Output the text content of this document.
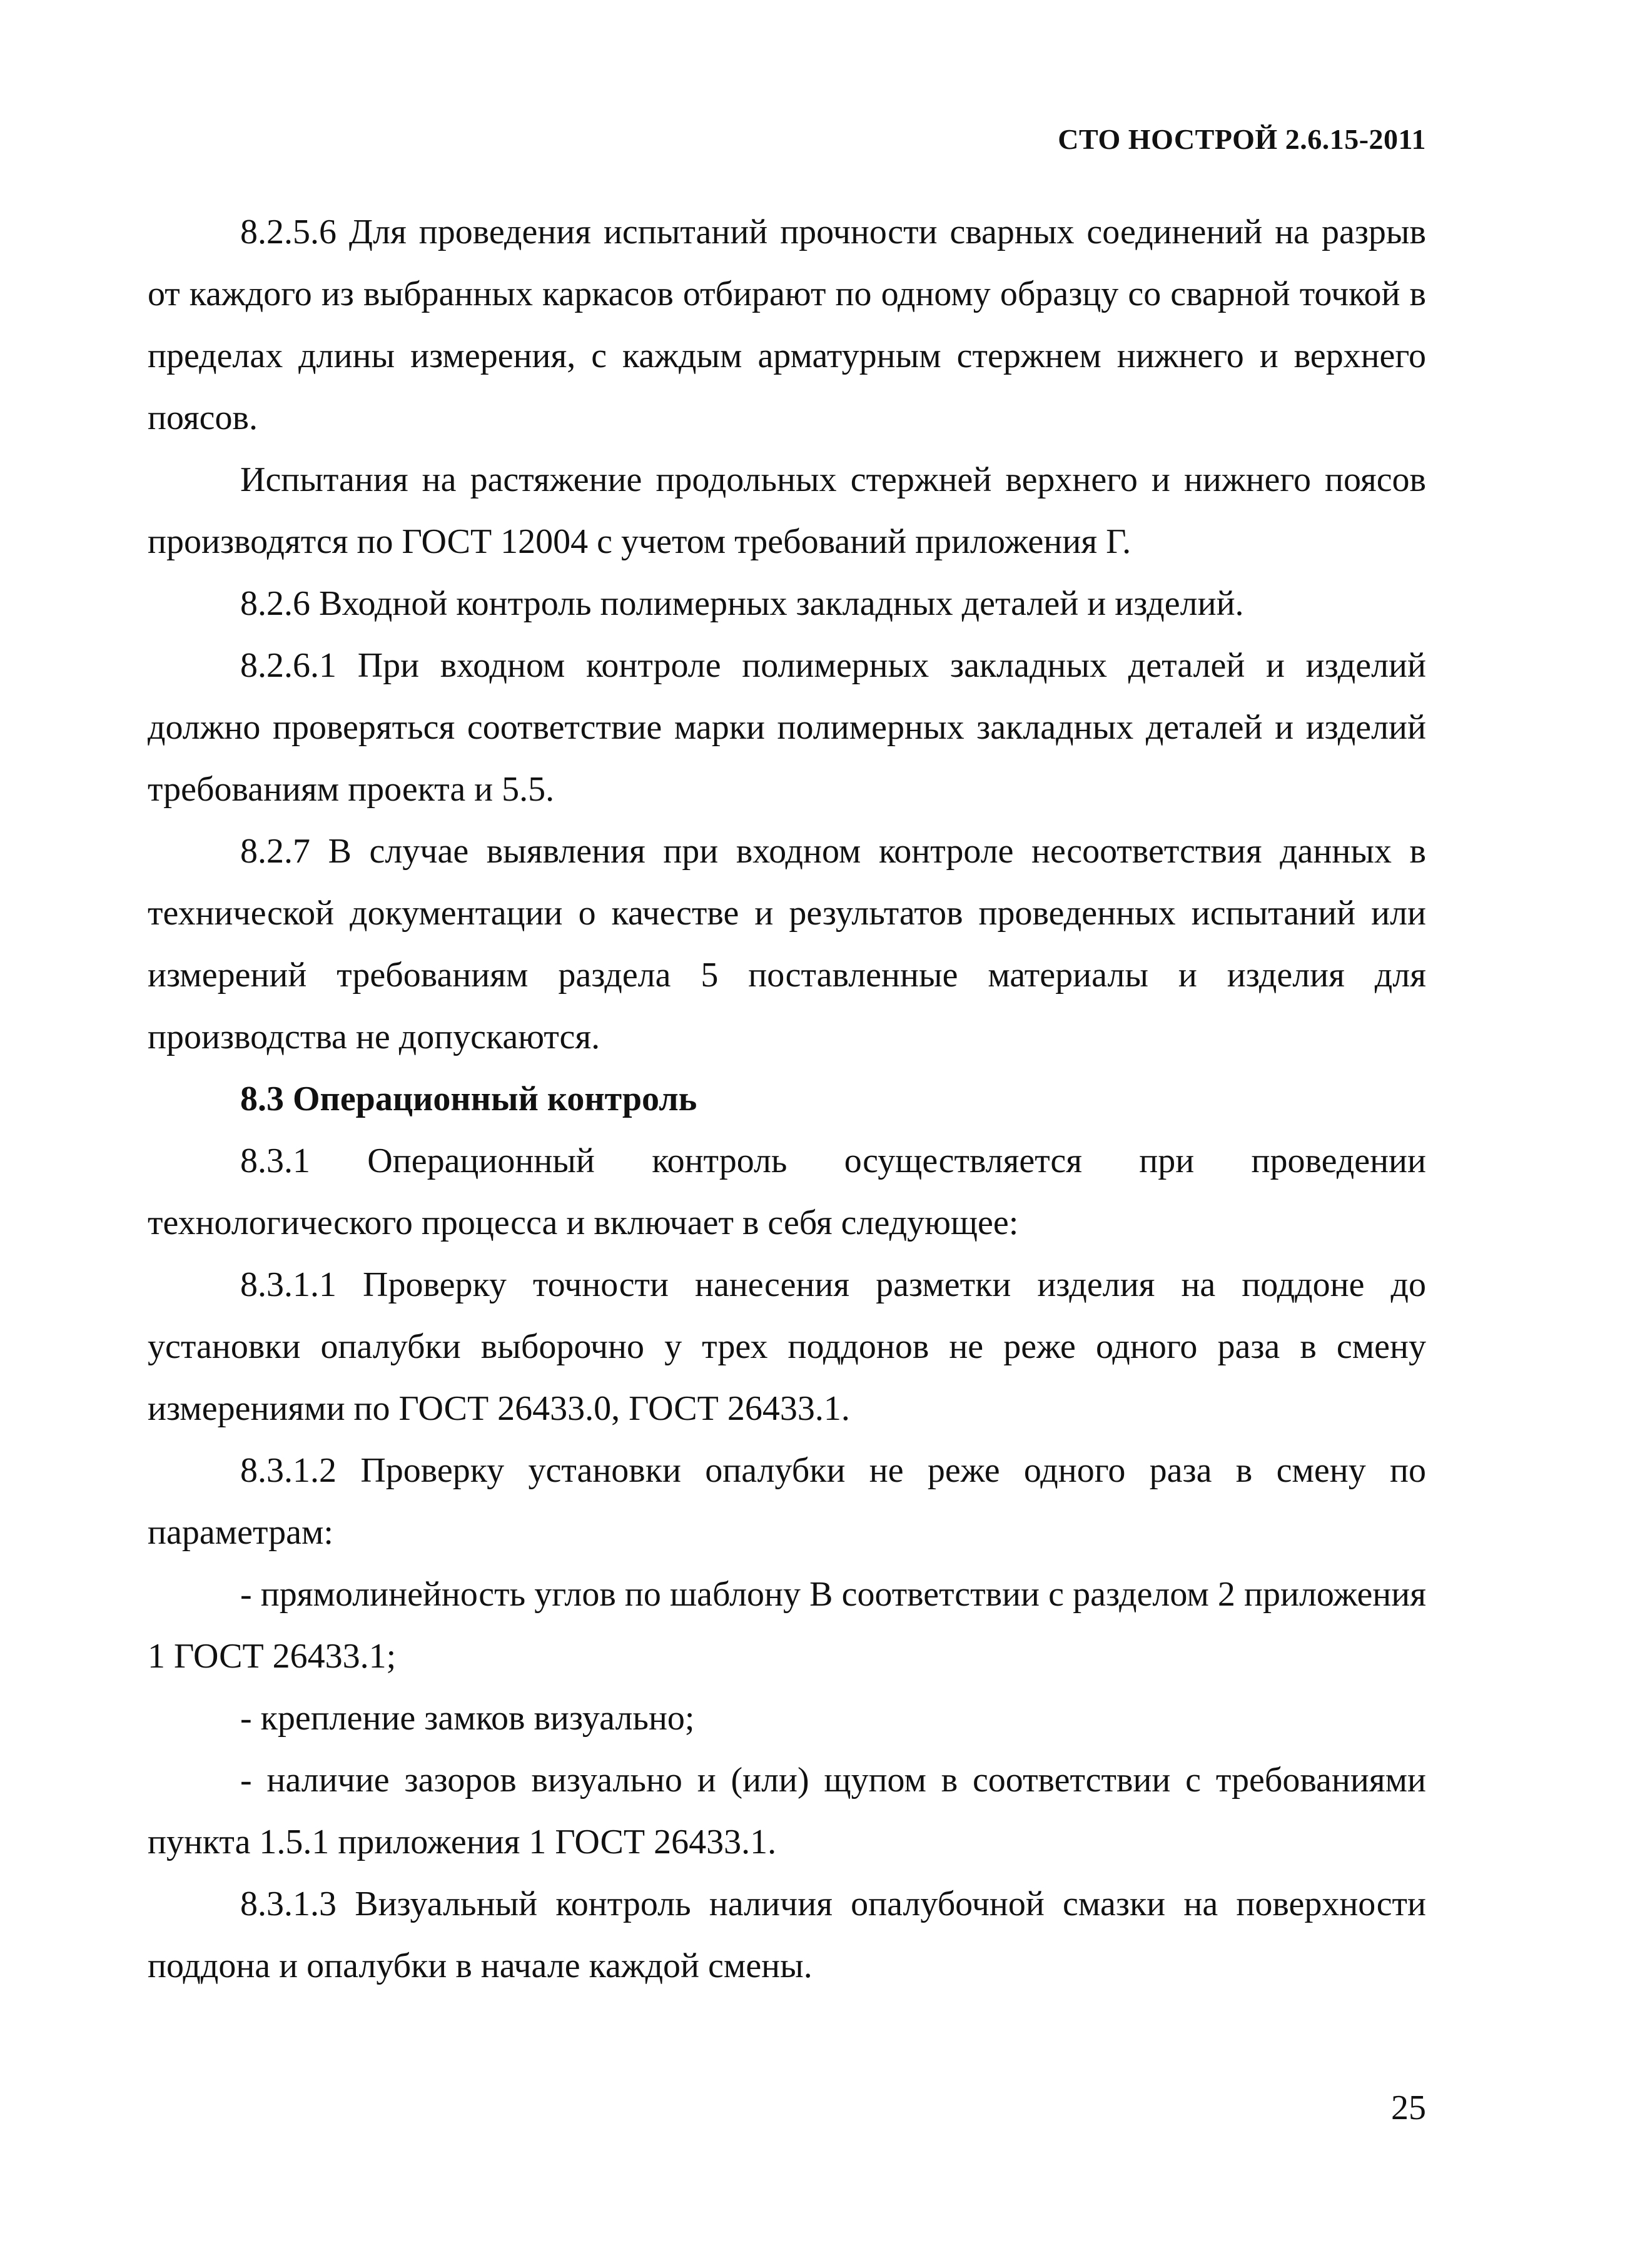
СТО НОСТРОЙ 2.6.15-2011

8.2.5.6 Для проведения испытаний прочности сварных соединений на разрыв от каждого из выбранных каркасов отбирают по одному образцу со сварной точкой в пределах длины измерения, с каждым арматурным стержнем нижнего и верхнего поясов.

Испытания на растяжение продольных стержней верхнего и нижнего поясов производятся по ГОСТ 12004 с учетом требований приложения Г.

8.2.6 Входной контроль полимерных закладных деталей и изделий.

8.2.6.1 При входном контроле полимерных закладных деталей и изделий должно проверяться соответствие марки полимерных закладных деталей и изделий требованиям проекта и 5.5.

8.2.7 В случае выявления при входном контроле несоответствия данных в технической документации о качестве и результатов проведенных испытаний или измерений требованиям раздела 5 поставленные материалы и изделия для производства не допускаются.

8.3 Операционный контроль

8.3.1 Операционный контроль осуществляется при проведении технологического процесса и включает в себя следующее:

8.3.1.1 Проверку точности нанесения разметки изделия на поддоне до установки опалубки выборочно у трех поддонов не реже одного раза в смену измерениями по ГОСТ 26433.0, ГОСТ 26433.1.

8.3.1.2 Проверку установки опалубки не реже одного раза в смену по параметрам:

- прямолинейность углов по шаблону В соответствии с разделом 2 приложения 1 ГОСТ 26433.1;

- крепление замков визуально;

- наличие зазоров визуально и (или) щупом в соответствии с требованиями пункта 1.5.1 приложения 1 ГОСТ 26433.1.

8.3.1.3 Визуальный контроль наличия опалубочной смазки на поверхности поддона и опалубки в начале каждой смены.

25
